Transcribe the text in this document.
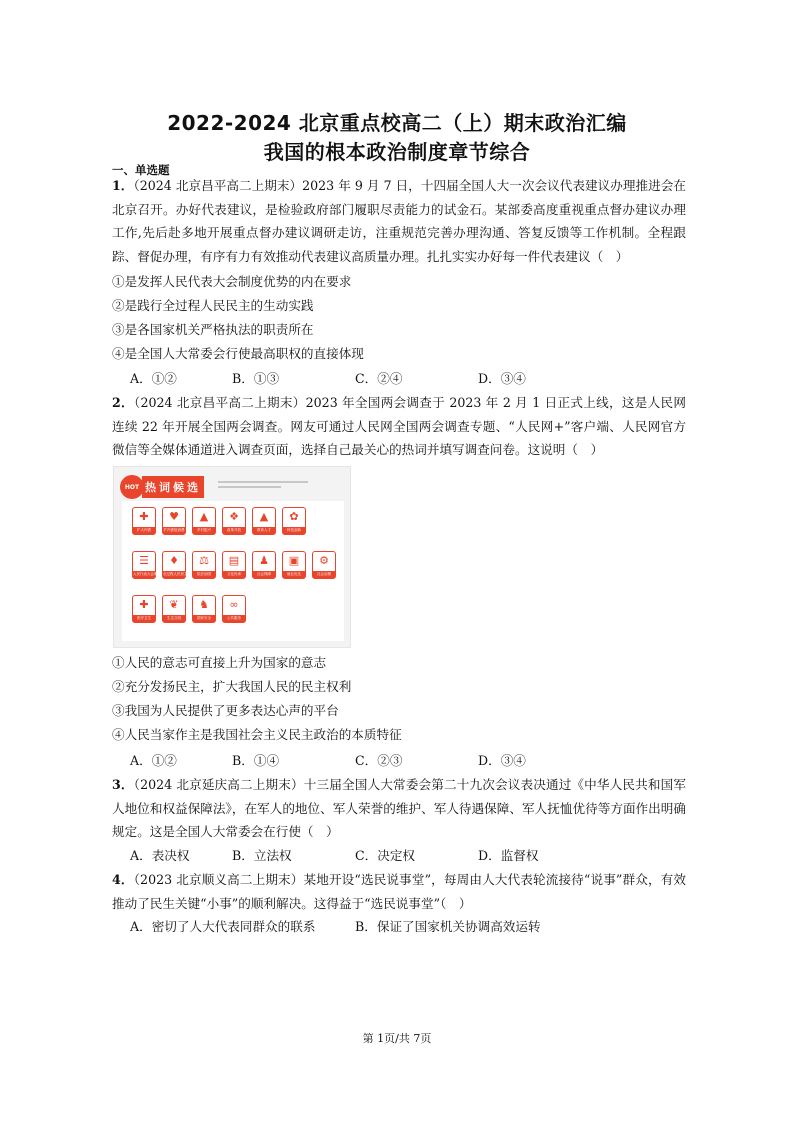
2022-2024 北京重点校高二（上）期末政治汇编
我国的根本政治制度章节综合
一、单选题

1．（2024 北京昌平高二上期末）2023 年 9 月 7 日，十四届全国人大一次会议代表建议办理推进会在北京召开。办好代表建议，是检验政府部门履职尽责能力的试金石。某部委高度重视重点督办建议办理工作,先后赴多地开展重点督办建议调研走访，注重规范完善办理沟通、答复反馈等工作机制。全程跟踪、督促办理，有序有力有效推动代表建议高质量办理。扎扎实实办好每一件代表建议（　）

①是发挥人民代表大会制度优势的内在要求
②是践行全过程人民民主的生动实践
③是各国家机关严格执法的职责所在
④是全国人大常委会行使最高职权的直接体现
A．①②	B．①③	C．②④	D．③④

2．（2024 北京昌平高二上期末）2023 年全国两会调查于 2023 年 2 月 1 日正式上线，这是人民网连续 22 年开展全国两会调查。网友可通过人民网全国两会调查专题、“人民网+”客户端、人民网官方微信等全媒体通道进入调查页面，选择自己最关心的热词并填写调查问卷。这说明（　）

HOT 热词候选
✚
扩大内需
♥
扩内需促消费
▲
乡村振兴
❖
改革开放
▲
教育人才
✿
科技创新
☰
人民代表大会制度
♦
全过程人民民主
⚖
依法治国
▤
文化传承
♟
社会保障
▣
就业优先
⚙
社会治理
✚
医疗卫生
❦
生态文明
♞
国家安全
∞
公共服务
①人民的意志可直接上升为国家的意志
②充分发扬民主，扩大我国人民的民主权利
③我国为人民提供了更多表达心声的平台
④人民当家作主是我国社会主义民主政治的本质特征
A．①②	B．①④	C．②③	D．③④

3．（2024 北京延庆高二上期末）十三届全国人大常委会第二十九次会议表决通过《中华人民共和国军人地位和权益保障法》，在军人的地位、军人荣誉的维护、军人待遇保障、军人抚恤优待等方面作出明确规定。这是全国人大常委会在行使（　）

A．表决权	B．立法权	C．决定权	D．监督权

4．（2023 北京顺义高二上期末）某地开设“选民说事堂”，每周由人大代表轮流接待“说事”群众，有效推动了民生关键“小事”的顺利解决。这得益于“选民说事堂”（　）

A．密切了人大代表同群众的联系	B．保证了国家机关协调高效运转
第 1页/共 7页
